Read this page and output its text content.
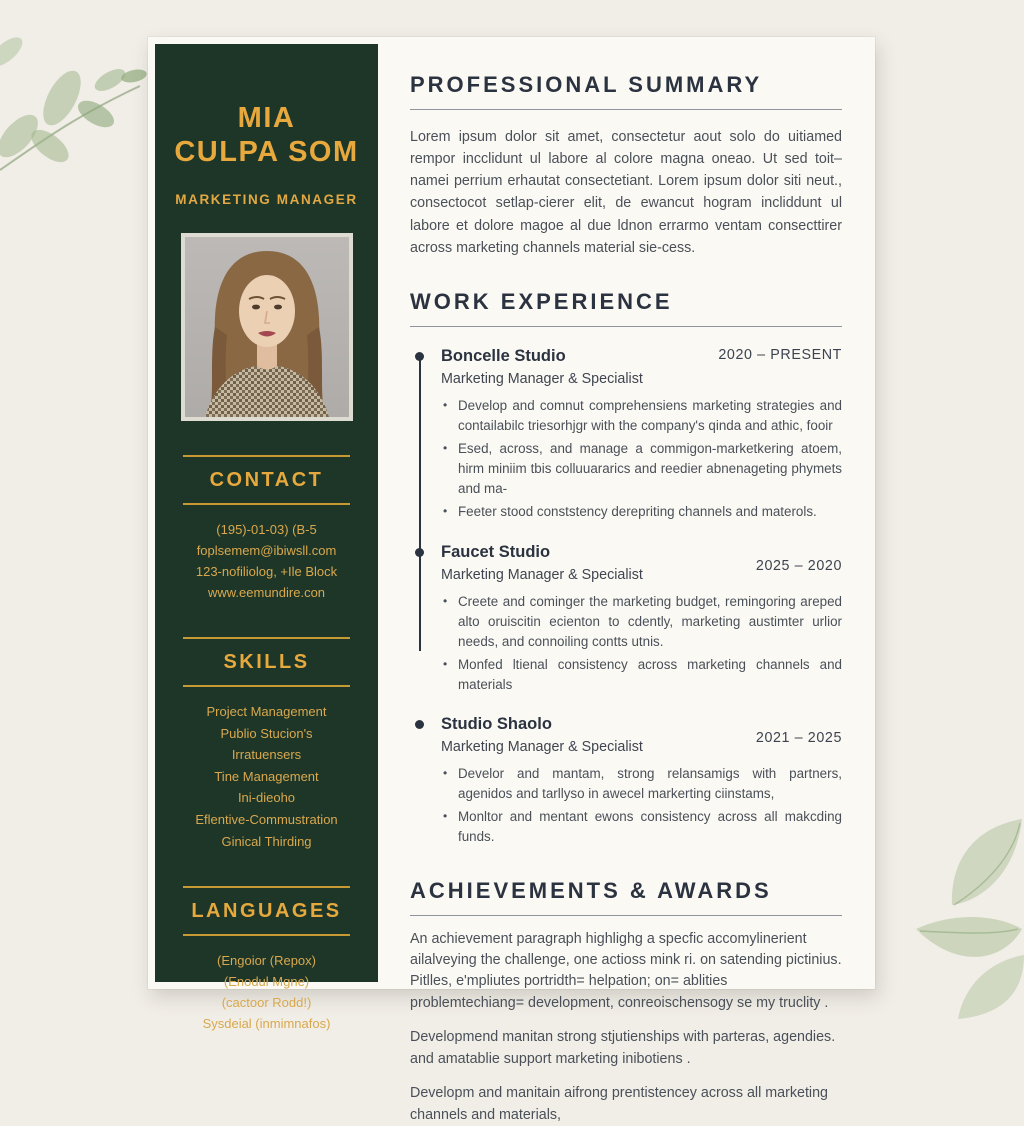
MIA
CULPA SOM
MARKETING MANAGER
CONTACT
(195)-01-03) (B-5
foplsemem@ibiwsll.com
123-nofiliolog, +Ile Block
www.eemundire.con
SKILLS
Project Management
Publio Stucion's
Irratuensers
Tine Management
Ini-dieoho
Eflentive-Commustration
Ginical Thirding
LANGUAGES
(Engoior (Repox)
(Enodul Mgne)
(cactoor Rodd!)
Sysdeial (inmimnafos)
PROFESSIONAL SUMMARY

Lorem ipsum dolor sit amet, consectetur aout solo do uitiamed rempor incclidunt ul labore al colore magna oneao. Ut sed toit–namei perrium erhautat consectetiant. Lorem ipsum dolor siti neut., consectocot setlap-cierer elit, de ewancut hogram incliddunt ul labore et dolore magoe al due ldnon errarmo ventam consecttirer across marketing channels material sie-cess.

WORK EXPERIENCE
Boncelle Studio	2020 – PRESENT
Marketing Manager & Specialist
• Develop and comnut comprehensiens marketing strategies and contailabilc triesorhjgr with the company's qinda and athic, fooir
• Esed, across, and manage a commigon-marketkering atoem, hirm miniim tbis colluuararics and reedier abnenageting phymets and ma-
• Feeter stood conststency derepriting channels and materols.
Faucet Studio
2025 – 2020
Marketing Manager & Specialist
• Creete and cominger the marketing budget, remingoring areped alto oruiscitin ecienton to cdently, marketing austimter urlior needs, and connoiling contts utnis.
• Monfed ltienal consistency across marketing channels and materials
Studio Shaolo
2021 – 2025
Marketing Manager & Specialist
• Develor and mantam, strong relansamigs with partners, agenidos and tarllyso in awecel markerting ciinstams,
• Monltor and mentant ewons consistency across all makcding funds.
ACHIEVEMENTS & AWARDS

An achievement paragraph highlighg a specfic accomylinerient ailalveying the challenge, one actioss mink ri. on satending pictinius. Pitlles, e'mpliutes portridth= helpation; on= ablities problemtechiang= development, conreoischensogy se my truclity .

Developmend manitan strong stjutienships with parteras, agendies. and amatablie support marketing inibotiens .

Developm and manitain aifrong prentistencey across all marketing channels and materials,
